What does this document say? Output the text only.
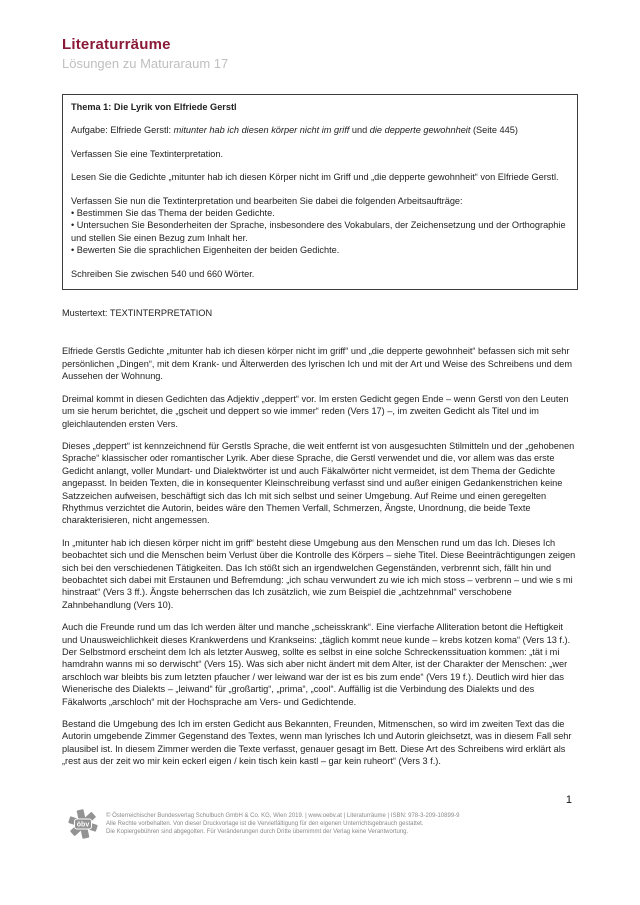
Literaturräume
Lösungen zu Maturaraum 17

Thema 1: Die Lyrik von Elfriede Gerstl

Aufgabe: Elfriede Gerstl: mitunter hab ich diesen körper nicht im griff und die depperte gewohnheit (Seite 445)

Verfassen Sie eine Textinterpretation.

Lesen Sie die Gedichte „mitunter hab ich diesen Körper nicht im Griff und „die depperte gewohnheit“ von Elfriede Gerstl.

Verfassen Sie nun die Textinterpretation und bearbeiten Sie dabei die folgenden Arbeitsaufträge:

• Bestimmen Sie das Thema der beiden Gedichte.

• Untersuchen Sie Besonderheiten der Sprache, insbesondere des Vokabulars, der Zeichensetzung und der Orthographie und stellen Sie einen Bezug zum Inhalt her.

• Bewerten Sie die sprachlichen Eigenheiten der beiden Gedichte.

Schreiben Sie zwischen 540 und 660 Wörter.

Mustertext: TEXTINTERPRETATION

Elfriede Gerstls Gedichte „mitunter hab ich diesen körper nicht im griff“ und „die depperte gewohnheit“ befassen sich mit sehr persönlichen „Dingen“, mit dem Krank- und Älterwerden des lyrischen Ich und mit der Art und Weise des Schreibens und dem Aussehen der Wohnung.

Dreimal kommt in diesen Gedichten das Adjektiv „deppert“ vor. Im ersten Gedicht gegen Ende – wenn Gerstl von den Leuten um sie herum berichtet, die „gscheit und deppert so wie immer“ reden (Vers 17) –, im zweiten Gedicht als Titel und im gleichlautenden ersten Vers.

Dieses „deppert“ ist kennzeichnend für Gerstls Sprache, die weit entfernt ist von ausgesuchten Stilmitteln und der „gehobenen Sprache“ klassischer oder romantischer Lyrik. Aber diese Sprache, die Gerstl verwendet und die, vor allem was das erste Gedicht anlangt, voller Mundart- und Dialektwörter ist und auch Fäkalwörter nicht vermeidet, ist dem Thema der Gedichte angepasst. In beiden Texten, die in konsequenter Kleinschreibung verfasst sind und außer einigen Gedankenstrichen keine Satzzeichen aufweisen, beschäftigt sich das Ich mit sich selbst und seiner Umgebung. Auf Reime und einen geregelten Rhythmus verzichtet die Autorin, beides wäre den Themen Verfall, Schmerzen, Ängste, Unordnung, die beide Texte charakterisieren, nicht angemessen.

In „mitunter hab ich diesen körper nicht im griff“ besteht diese Umgebung aus den Menschen rund um das Ich. Dieses Ich beobachtet sich und die Menschen beim Verlust über die Kontrolle des Körpers – siehe Titel. Diese Beeinträchtigungen zeigen sich bei den verschiedenen Tätigkeiten. Das Ich stößt sich an irgendwelchen Gegenständen, verbrennt sich, fällt hin und beobachtet sich dabei mit Erstaunen und Befremdung: „ich schau verwundert zu wie ich mich stoss – verbrenn – und wie s mi hinstraat“ (Vers 3 ff.). Ängste beherrschen das Ich zusätzlich, wie zum Beispiel die „achtzehnmal“ verschobene Zahnbehandlung (Vers 10).

Auch die Freunde rund um das Ich werden älter und manche „scheisskrank“. Eine vierfache Alliteration betont die Heftigkeit und Unausweichlichkeit dieses Krankwerdens und Krankseins: „täglich kommt neue kunde – krebs kotzen koma“ (Vers 13 f.). Der Selbstmord erscheint dem Ich als letzter Ausweg, sollte es selbst in eine solche Schreckenssituation kommen: „tät i mi hamdrahn wanns mi so derwischt“ (Vers 15). Was sich aber nicht ändert mit dem Alter, ist der Charakter der Menschen: „wer arschloch war bleibts bis zum letzten pfaucher / wer leiwand war der ist es bis zum ende“ (Vers 19 f.). Deutlich wird hier das Wienerische des Dialekts – „leiwand“ für „großartig“, „prima“, „cool“. Auffällig ist die Verbindung des Dialekts und des Fäkalworts „arschloch“ mit der Hochsprache am Vers- und Gedichtende.

Bestand die Umgebung des Ich im ersten Gedicht aus Bekannten, Freunden, Mitmenschen, so wird im zweiten Text das die Autorin umgebende Zimmer Gegenstand des Textes, wenn man lyrisches Ich und Autorin gleichsetzt, was in diesem Fall sehr plausibel ist. In diesem Zimmer werden die Texte verfasst, genauer gesagt im Bett. Diese Art des Schreibens wird erklärt als „rest aus der zeit wo mir kein eckerl eigen / kein tisch kein kastl – gar kein ruheort“ (Vers 3 f.).

1
öbv
© Österreichischer Bundesverlag Schulbuch GmbH & Co. KG, Wien 2019. | www.oebv.at | Literaturräume | ISBN: 978-3-209-10899-9
Alle Rechte vorbehalten. Von dieser Druckvorlage ist die Vervielfältigung für den eigenen Unterrichtsgebrauch gestattet.
Die Kopiergebühren sind abgegolten. Für Veränderungen durch Dritte übernimmt der Verlag keine Verantwortung.
